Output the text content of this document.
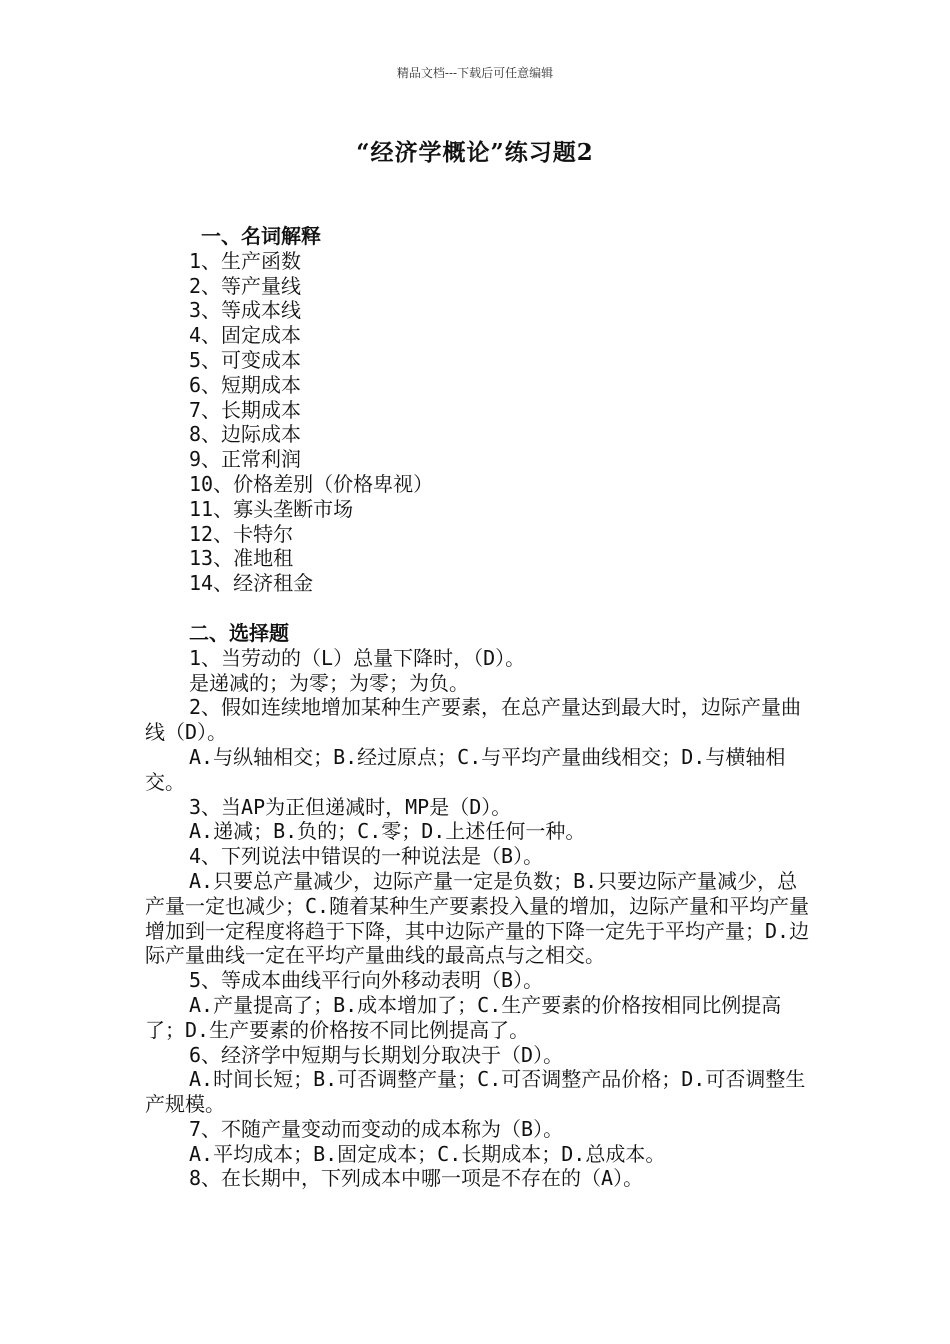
精品文档---下载后可任意编辑
“经济学概论”练习题2
一、名词解释
1、生产函数
2、等产量线
3、等成本线
4、固定成本
5、可变成本
6、短期成本
7、长期成本
8、边际成本
9、正常利润
10、价格差别（价格卑视）
11、寡头垄断市场
12、卡特尔
13、准地租
14、经济租金
二、选择题
1、当劳动的（L）总量下降时，（D）。
是递减的；为零；为零；为负。
2、假如连续地增加某种生产要素，在总产量达到最大时，边际产量曲线（D）。
A.与纵轴相交；B.经过原点；C.与平均产量曲线相交；D.与横轴相交。
3、当AP为正但递减时，MP是（D）。
A.递减；B.负的；C.零；D.上述任何一种。
4、下列说法中错误的一种说法是（B）。
A.只要总产量减少，边际产量一定是负数；B.只要边际产量减少，总产量一定也减少；C.随着某种生产要素投入量的增加，边际产量和平均产量增加到一定程度将趋于下降，其中边际产量的下降一定先于平均产量；D.边际产量曲线一定在平均产量曲线的最高点与之相交。
5、等成本曲线平行向外移动表明（B）。
A.产量提高了；B.成本增加了；C.生产要素的价格按相同比例提高了；D.生产要素的价格按不同比例提高了。
6、经济学中短期与长期划分取决于（D）。
A.时间长短；B.可否调整产量；C.可否调整产品价格；D.可否调整生产规模。
7、不随产量变动而变动的成本称为（B）。
A.平均成本；B.固定成本；C.长期成本；D.总成本。
8、在长期中，下列成本中哪一项是不存在的（A）。
